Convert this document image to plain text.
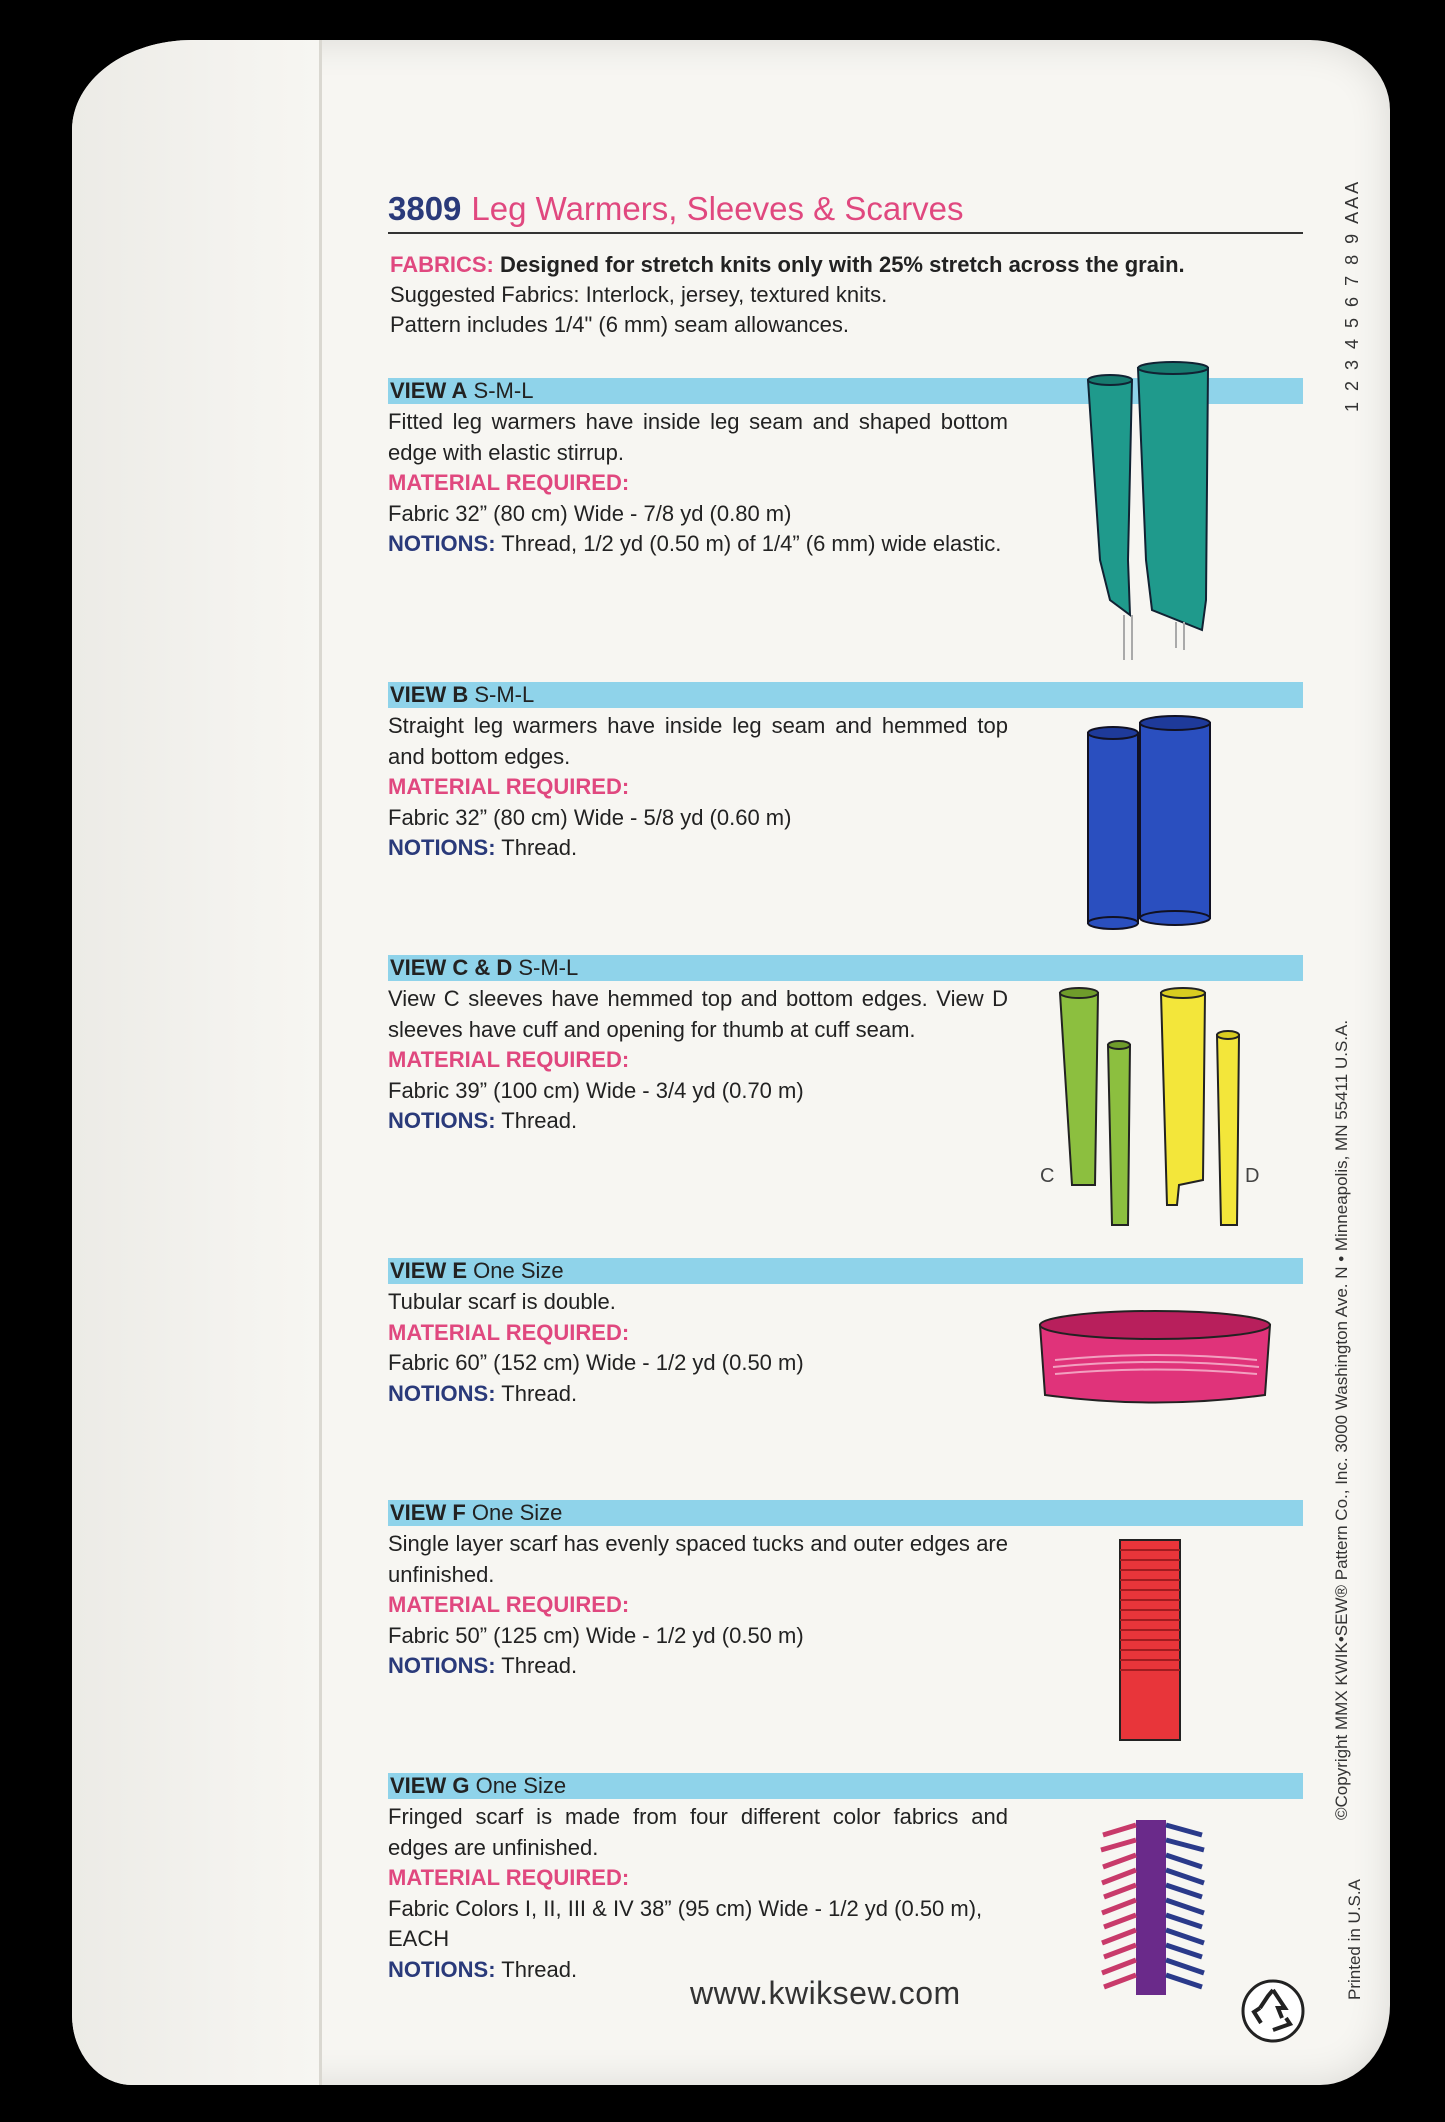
3809 Leg Warmers, Sleeves & Scarves
FABRICS: Designed for stretch knits only with 25% stretch across the grain.
Suggested Fabrics: Interlock, jersey, textured knits.
Pattern includes 1/4" (6 mm) seam allowances.
VIEW A S-M-L
Fitted leg warmers have inside leg seam and shaped bottom edge with elastic stirrup.
MATERIAL REQUIRED:
Fabric 32” (80 cm) Wide - 7/8 yd (0.80 m)
NOTIONS: Thread, 1/2 yd (0.50 m) of 1/4” (6 mm) wide elastic.
VIEW B S-M-L
Straight leg warmers have inside leg seam and hemmed top and bottom edges.
MATERIAL REQUIRED:
Fabric 32” (80 cm) Wide - 5/8 yd (0.60 m)
NOTIONS: Thread.
VIEW C & D S-M-L
View C sleeves have hemmed top and bottom edges. View D sleeves have cuff and opening for thumb at cuff seam.
MATERIAL REQUIRED:
Fabric 39” (100 cm) Wide - 3/4 yd (0.70 m)
NOTIONS: Thread.
VIEW E One Size
Tubular scarf is double.
MATERIAL REQUIRED:
Fabric 60” (152 cm) Wide - 1/2 yd (0.50 m)
NOTIONS: Thread.
VIEW F One Size
Single layer scarf has evenly spaced tucks and outer edges are unfinished.
MATERIAL REQUIRED:
Fabric 50” (125 cm) Wide - 1/2 yd (0.50 m)
NOTIONS: Thread.
VIEW G One Size
Fringed scarf is made from four different color fabrics and edges are unfinished.
MATERIAL REQUIRED:
Fabric Colors I, II, III & IV 38” (95 cm) Wide - 1/2 yd (0.50 m), EACH
NOTIONS: Thread.
C	D
www.kwiksew.com
1 2 3 4 5 6 7 8 9 AAA
©Copyright MMX KWIK•SEW® Pattern Co., Inc. 3000 Washington Ave. N • Minneapolis, MN 55411 U.S.A.
Printed in U.S.A
